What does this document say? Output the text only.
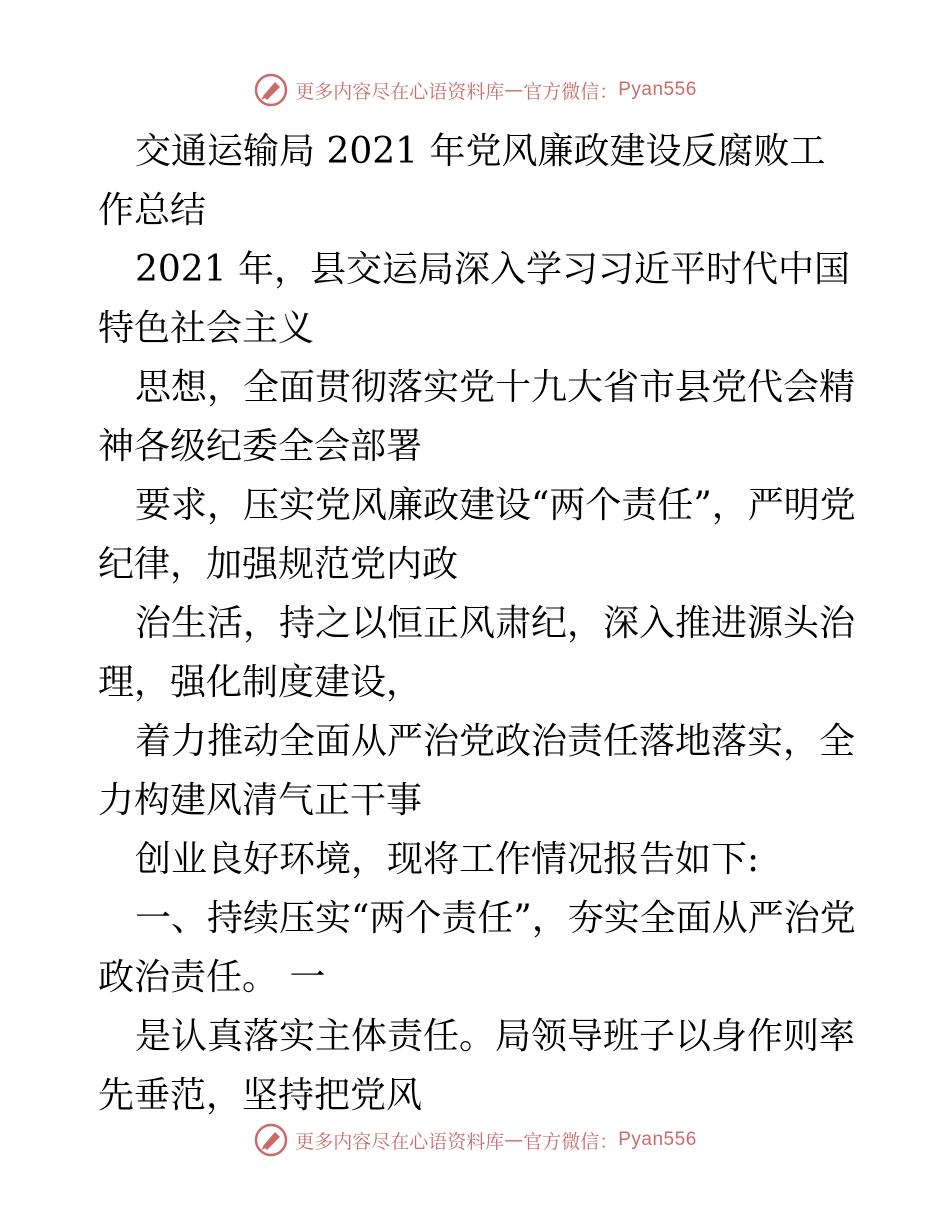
更多内容尽在心语资料库 — 官方微信： Pyan556

交通运输局 2021 年党风廉政建设反腐败工作总结

2021 年，县交运局深入学习习近平时代中国特色社会主义

思想，全面贯彻落实党十九大省市县党代会精神各级纪委全会部署

要求，压实党风廉政建设“两个责任”，严明党纪律，加强规范党内政

治生活，持之以恒正风肃纪，深入推进源头治理，强化制度建设，

着力推动全面从严治党政治责任落地落实，全力构建风清气正干事

创业良好环境，现将工作情况报告如下:

一、持续压实“两个责任”，夯实全面从严治党政治责任。 一

是认真落实主体责任。局领导班子以身作则率先垂范，坚持把党风

更多内容尽在心语资料库 — 官方微信： Pyan556
